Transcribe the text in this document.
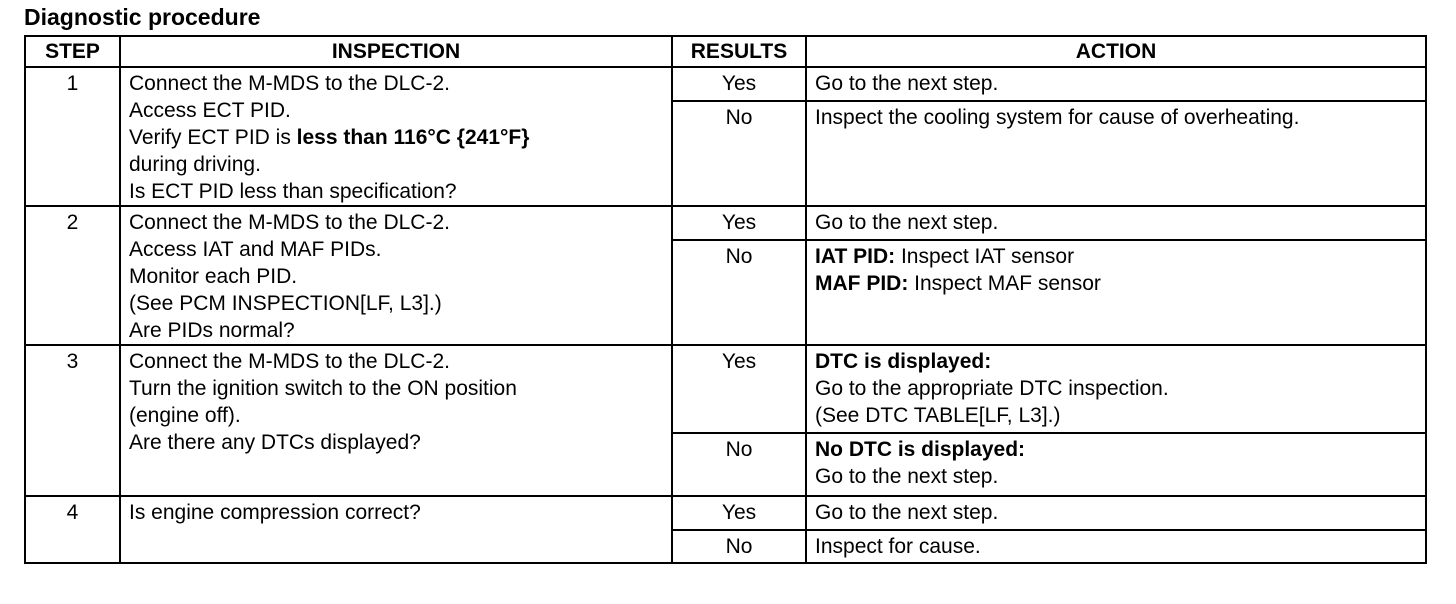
Diagnostic procedure
STEP	INSPECTION	RESULTS	ACTION

1	Connect the M-MDS to the DLC-2.
Access ECT PID.
Verify ECT PID is less than 116°C {241°F}
during driving.
Is ECT PID less than specification?	Yes	Go to the next step.

		No	Inspect the cooling system for cause of overheating.

2	Connect the M-MDS to the DLC-2.
Access IAT and MAF PIDs.
Monitor each PID.
(See PCM INSPECTION[LF, L3].)
Are PIDs normal?	Yes	Go to the next step.

		No	IAT PID: Inspect IAT sensor
MAF PID: Inspect MAF sensor

3	Connect the M-MDS to the DLC-2.
Turn the ignition switch to the ON position
(engine off).
Are there any DTCs displayed?	Yes	DTC is displayed:
Go to the appropriate DTC inspection.
(See DTC TABLE[LF, L3].)

		No	No DTC is displayed:
Go to the next step.

4	Is engine compression correct?	Yes	Go to the next step.

		No	Inspect for cause.
